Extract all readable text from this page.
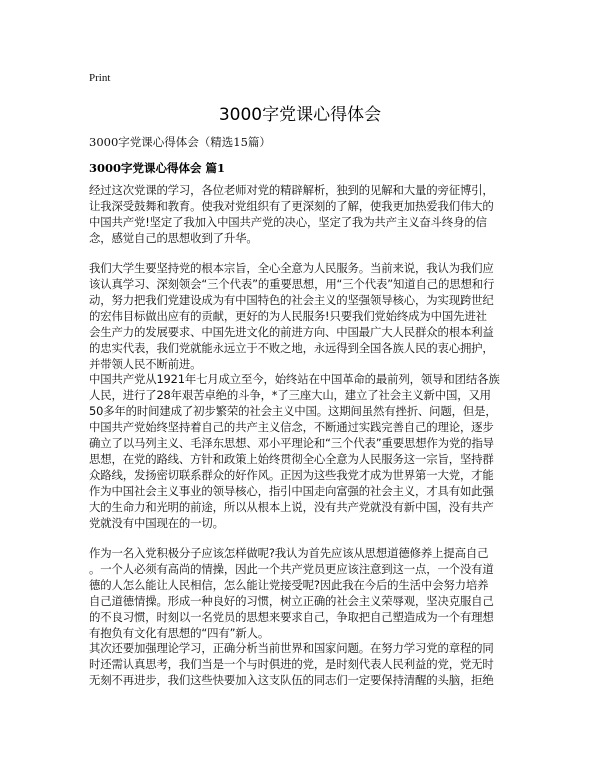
Print
3000字党课心得体会
3000字党课心得体会（精选15篇）
3000字党课心得体会 篇1
经过这次党课的学习，各位老师对党的精辟解析，独到的见解和大量的旁征博引，
让我深受鼓舞和教育。使我对党组织有了更深刻的了解，使我更加热爱我们伟大的
中国共产党!坚定了我加入中国共产党的决心，坚定了我为共产主义奋斗终身的信
念，感觉自己的思想收到了升华。
我们大学生要坚持党的根本宗旨，全心全意为人民服务。当前来说，我认为我们应
该认真学习、深刻领会“三个代表”的重要思想，用“三个代表”知道自己的思想和行
动，努力把我们党建设成为有中国特色的社会主义的坚强领导核心，为实现跨世纪
的宏伟目标做出应有的贡献，更好的为人民服务!只要我们党始终成为中国先进社
会生产力的发展要求、中国先进文化的前进方向、中国最广大人民群众的根本利益
的忠实代表，我们党就能永远立于不败之地，永远得到全国各族人民的衷心拥护，
并带领人民不断前进。
中国共产党从1921年七月成立至今，始终站在中国革命的最前列，领导和团结各族
人民，进行了28年艰苦卓绝的斗争，*了三座大山，建立了社会主义新中国，又用
50多年的时间建成了初步繁荣的社会主义中国。这期间虽然有挫折、问题，但是，
中国共产党始终坚持着自己的共产主义信念，不断通过实践完善自己的理论，逐步
确立了以马列主义、毛泽东思想、邓小平理论和“三个代表”重要思想作为党的指导
思想，在党的路线、方针和政策上始终贯彻全心全意为人民服务这一宗旨，坚持群
众路线，发扬密切联系群众的好作风。正因为这些我党才成为世界第一大党，才能
作为中国社会主义事业的领导核心，指引中国走向富强的社会主义，才具有如此强
大的生命力和光明的前途，所以从根本上说，没有共产党就没有新中国，没有共产
党就没有中国现在的一切。
作为一名入党积极分子应该怎样做呢?我认为首先应该从思想道德修养上提高自己
。一个人必须有高尚的情操，因此一个共产党员更应该注意到这一点，一个没有道
德的人怎么能让人民相信，怎么能让党接受呢?因此我在今后的生活中会努力培养
自己道德情操。形成一种良好的习惯，树立正确的社会主义荣辱观，坚决克服自己
的不良习惯，时刻以一名党员的思想来要求自己，争取把自己塑造成为一个有理想
有抱负有文化有思想的“四有”新人。
其次还要加强理论学习，正确分析当前世界和国家问题。在努力学习党的章程的同
时还需认真思考，我们当是一个与时俱进的党，是时刻代表人民利益的党，党无时
无刻不再进步，我们这些快要加入这支队伍的同志们一定要保持清醒的头脑，拒绝
